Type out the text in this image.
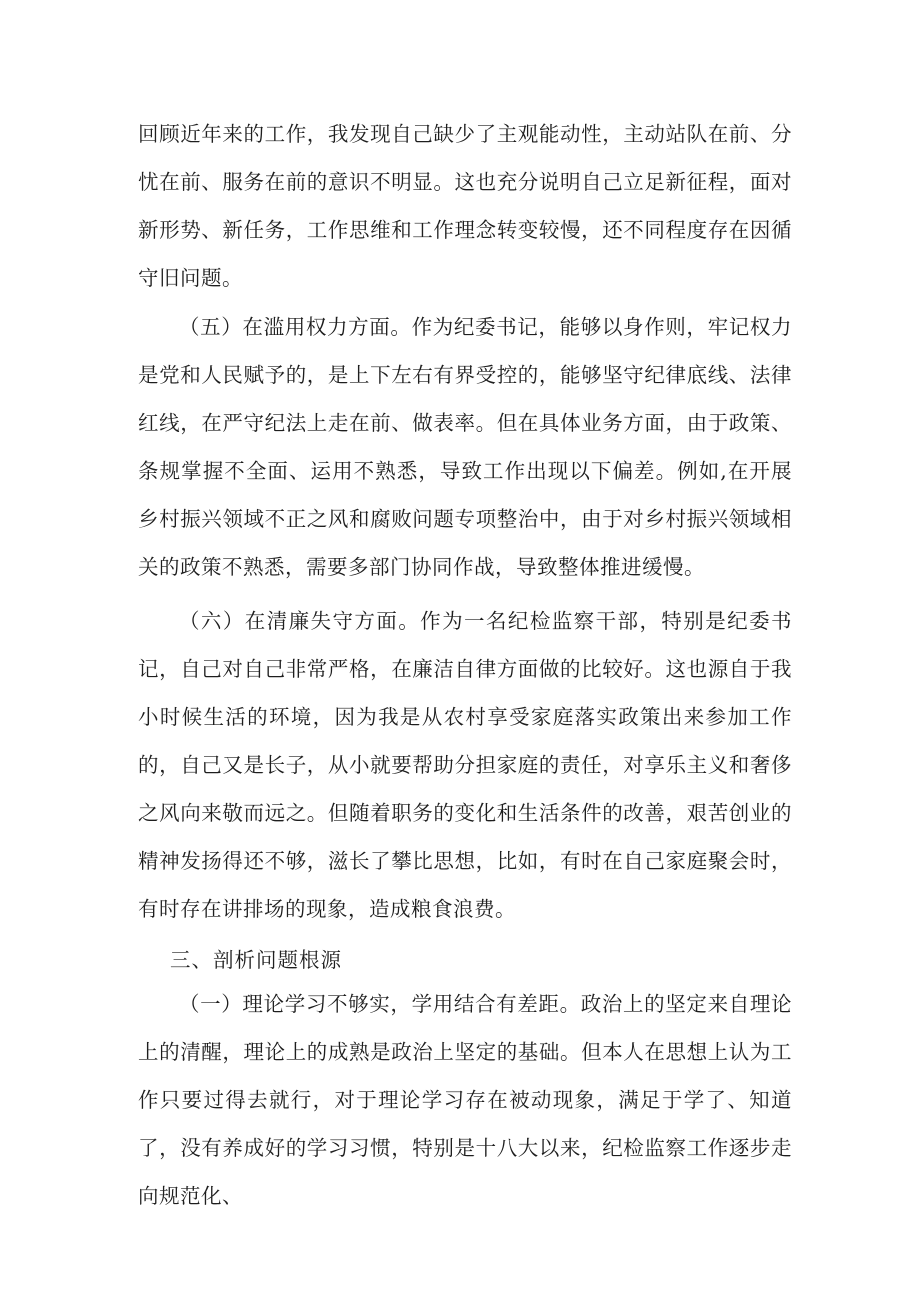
回顾近年来的工作，我发现自己缺少了主观能动性，主动站队在前、分忧在前、服务在前的意识不明显。这也充分说明自己立足新征程，面对新形势、新任务，工作思维和工作理念转变较慢，还不同程度存在因循守旧问题。

（五）在滥用权力方面。作为纪委书记，能够以身作则，牢记权力是党和人民赋予的，是上下左右有界受控的，能够坚守纪律底线、法律红线，在严守纪法上走在前、做表率。但在具体业务方面，由于政策、条规掌握不全面、运用不熟悉，导致工作出现以下偏差。例如,在开展乡村振兴领域不正之风和腐败问题专项整治中，由于对乡村振兴领域相关的政策不熟悉，需要多部门协同作战，导致整体推进缓慢。

（六）在清廉失守方面。作为一名纪检监察干部，特别是纪委书记，自己对自己非常严格，在廉洁自律方面做的比较好。这也源自于我小时候生活的环境，因为我是从农村享受家庭落实政策出来参加工作的，自己又是长子，从小就要帮助分担家庭的责任，对享乐主义和奢侈之风向来敬而远之。但随着职务的变化和生活条件的改善，艰苦创业的精神发扬得还不够，滋长了攀比思想，比如，有时在自己家庭聚会时，有时存在讲排场的现象，造成粮食浪费。

三、剖析问题根源

（一）理论学习不够实，学用结合有差距。政治上的坚定来自理论上的清醒，理论上的成熟是政治上坚定的基础。但本人在思想上认为工作只要过得去就行，对于理论学习存在被动现象，满足于学了、知道了，没有养成好的学习习惯，特别是十八大以来，纪检监察工作逐步走向规范化、
